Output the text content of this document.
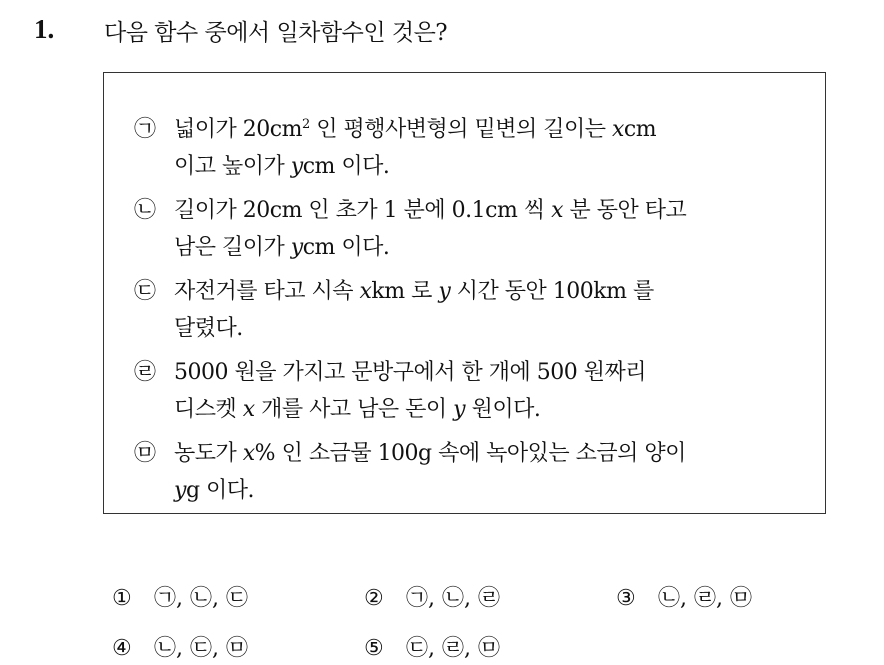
1. 다음 함수 중에서 일차함수인 것은?
㉠ 넓이가 $20cm^2$ 인 평행사변형의 밑변의 길이는 xcm
이고 높이가 ycm 이다.
㉡ 길이가 20cm 인 초가 1 분에 0.1cm 씩 x 분 동안 타고
남은 길이가 ycm 이다.
㉢ 자전거를 타고 시속 xkm 로 y 시간 동안 100km 를
달렸다.
㉣ 5000 원을 가지고 문방구에서 한 개에 500 원짜리
디스켓 x 개를 사고 남은 돈이 y 원이다.
㉤ 농도가 x% 인 소금물 100g 속에 녹아있는 소금의 양이
yg 이다.
① ㉠, ㉡, ㉢	② ㉠, ㉡, ㉣	③ ㉡, ㉣, ㉤
④ ㉡, ㉢, ㉤	⑤ ㉢, ㉣, ㉤
